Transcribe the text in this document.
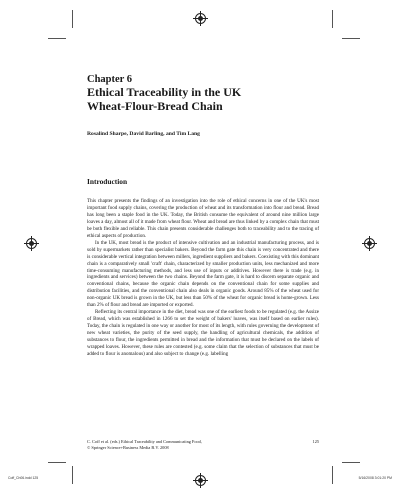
Chapter 6
Ethical Traceability in the UK
Wheat-Flour-Bread Chain
Rosalind Sharpe, David Barling, and Tim Lang
Introduction

This chapter presents the findings of an investigation into the role of ethical concerns in one of the UK's most important food supply chains, covering the production of wheat and its transformation into flour and bread. Bread has long been a staple food in the UK. Today, the British consume the equivalent of around nine million large loaves a day, almost all of it made from wheat flour. Wheat and bread are thus linked by a complex chain that must be both flexible and reliable. This chain presents considerable challenges both to traceability and to the tracing of ethical aspects of production.

In the UK, most bread is the product of intensive cultivation and an industrial manufacturing process, and is sold by supermarkets rather than specialist bakers. Beyond the farm gate this chain is very concentrated and there is considerable vertical integration between millers, ingredient suppliers and bakers. Coexisting with this dominant chain is a comparatively small 'craft' chain, characterized by smaller production units, less mechanized and more time-consuming manufacturing methods, and less use of inputs or additives. However there is trade (e.g. in ingredients and services) between the two chains. Beyond the farm gate, it is hard to discern separate organic and conventional chains, because the organic chain depends on the conventional chain for some supplies and distribution facilities, and the conventional chain also deals in organic goods. Around 85% of the wheat used for non-organic UK bread is grown in the UK, but less than 50% of the wheat for organic bread is home-grown. Less than 2% of flour and bread are imported or exported.

Reflecting its central importance in the diet, bread was one of the earliest foods to be regulated (e.g. the Assize of Bread, which was established in 1266 to set the weight of bakers' loaves, was itself based on earlier rules). Today, the chain is regulated in one way or another for most of its length, with rules governing the development of new wheat varieties, the purity of the seed supply, the handling of agricultural chemicals, the addition of substances to flour, the ingredients permitted in bread and the information that must be declared on the labels of wrapped loaves. However, these rules are contested (e.g. some claim that the selection of substances that must be added to flour is anomalous) and also subject to change (e.g. labelling

C. Coff et al. (eds.) Ethical Traceability and Communicating Food,
© Springer Science+Business Media B.V. 2008
125
Coff_Ch06.indd 125	5/16/2008 3:01:20 PM
